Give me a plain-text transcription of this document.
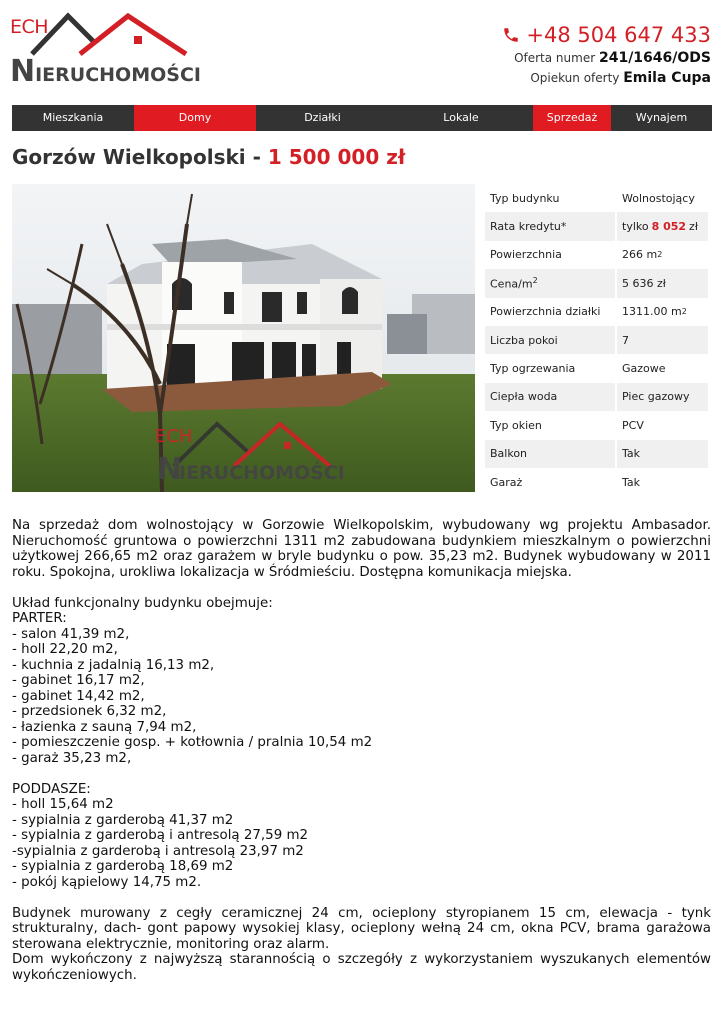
ECH
NIERUCHOMOŚCI
+48 504 647 433
Oferta numer 241/1646/ODS
Opiekun oferty Emila Cupa
Mieszkania	Domy	Działki	Lokale	Sprzedaż	Wynajem
Gorzów Wielkopolski - 1 500 000 zł
ECH
N
IERUCHOMOŚCI
Typ budynku	Wolnostojący
Rata kredytu*	tylko 8 052 zł
Powierzchnia	266 m 2
Cena/$m^2$	5 636 zł
Powierzchnia działki	1311.00 m 2
Liczba pokoi	7
Typ ogrzewania	Gazowe
Ciepła woda	Piec gazowy
Typ okien	PCV
Balkon	Tak
Garaż	Tak

Na sprzedaż dom wolnostojący w Gorzowie Wielkopolskim, wybudowany wg projektu Ambasador. Nieruchomość gruntowa o powierzchni 1311 m2 zabudowana budynkiem mieszkalnym o powierzchni użytkowej 266,65 m2 oraz garażem w bryle budynku o pow. 35,23 m2. Budynek wybudowany w 2011 roku. Spokojna, urokliwa lokalizacja w Śródmieściu. Dostępna komunikacja miejska.

Układ funkcjonalny budynku obejmuje:

PARTER:

- salon 41,39 m2,

- holl 22,20 m2,

- kuchnia z jadalnią 16,13 m2,

- gabinet 16,17 m2,

- gabinet 14,42 m2,

- przedsionek 6,32 m2,

- łazienka z sauną 7,94 m2,

- pomieszczenie gosp. + kotłownia / pralnia 10,54 m2

- garaż 35,23 m2,

PODDASZE:

- holl 15,64 m2

- sypialnia z garderobą 41,37 m2

- sypialnia z garderobą i antresolą 27,59 m2

-sypialnia z garderobą i antresolą 23,97 m2

- sypialnia z garderobą 18,69 m2

- pokój kąpielowy 14,75 m2.

Budynek murowany z cegły ceramicznej 24 cm, ocieplony styropianem 15 cm, elewacja - tynk strukturalny, dach- gont papowy wysokiej klasy, ocieplony wełną 24 cm, okna PCV, brama garażowa sterowana elektrycznie, monitoring oraz alarm.

Dom wykończony z najwyższą starannością o szczegóły z wykorzystaniem wyszukanych elementów wykończeniowych.
